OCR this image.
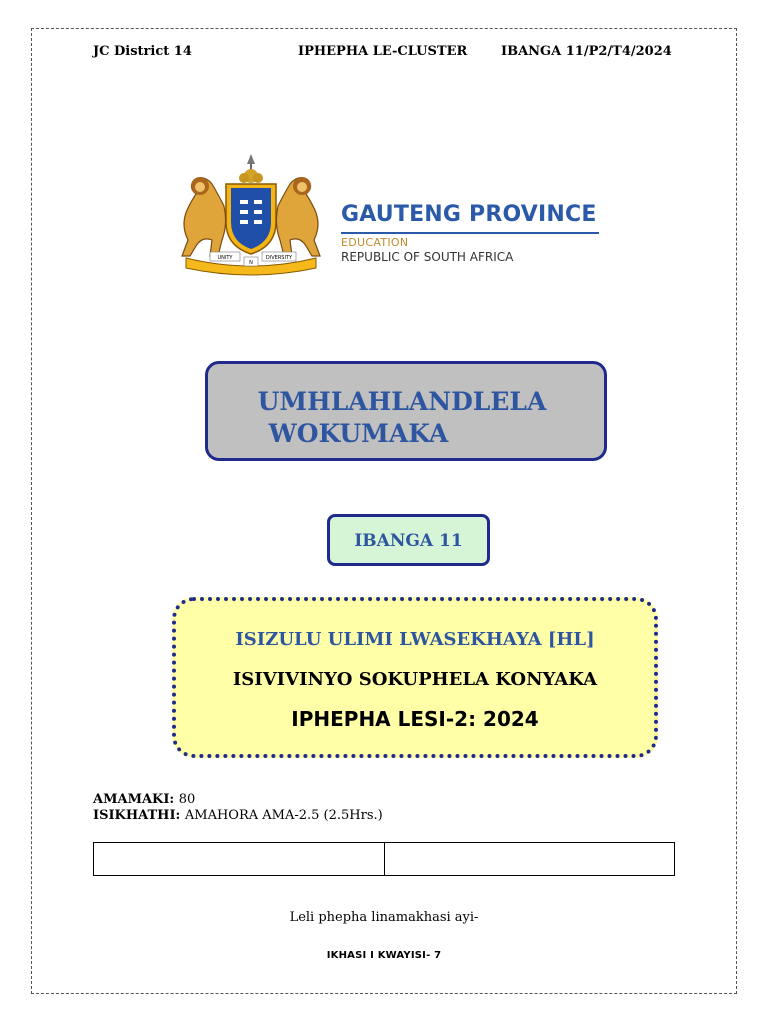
JC District 14	IPHEPHA LE-CLUSTER	IBANGA 11/P2/T4/2024
UNITY
N
DIVERSITY
GAUTENG PROVINCE
EDUCATION
REPUBLIC OF SOUTH AFRICA
UMHLAHLANDLELA
WOKUMAKA
IBANGA 11
ISIZULU ULIMI LWASEKHAYA [HL]
ISIVIVINYO SOKUPHELA KONYAKA
IPHEPHA LESI-2: 2024
AMAMAKI: 80
ISIKHATHI: AMAHORA AMA-2.5 (2.5Hrs.)

Leli phepha linamakhasi ayi-
IKHASI I KWAYISI- 7
